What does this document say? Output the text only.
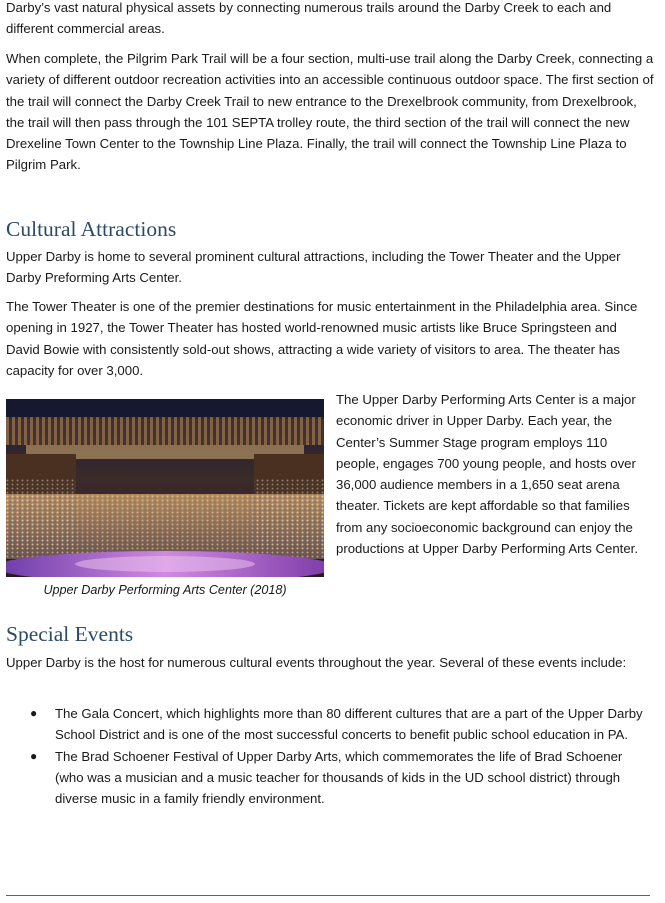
Darby’s vast natural physical assets by connecting numerous trails around the Darby Creek to each and different commercial areas.

When complete, the Pilgrim Park Trail will be a four section, multi-use trail along the Darby Creek, connecting a variety of different outdoor recreation activities into an accessible continuous outdoor space. The first section of the trail will connect the Darby Creek Trail to new entrance to the Drexelbrook community, from Drexelbrook, the trail will then pass through the 101 SEPTA trolley route, the third section of the trail will connect the new Drexeline Town Center to the Township Line Plaza. Finally, the trail will connect the Township Line Plaza to Pilgrim Park.

Cultural Attractions

Upper Darby is home to several prominent cultural attractions, including the Tower Theater and the Upper Darby Preforming Arts Center.

The Tower Theater is one of the premier destinations for music entertainment in the Philadelphia area. Since opening in 1927, the Tower Theater has hosted world-renowned music artists like Bruce Springsteen and David Bowie with consistently sold-out shows, attracting a wide variety of visitors to area. The theater has capacity for over 3,000.

Upper Darby Performing Arts Center (2018)

The Upper Darby Performing Arts Center is a major economic driver in Upper Darby. Each year, the Center’s Summer Stage program employs 110 people, engages 700 young people, and hosts over 36,000 audience members in a 1,650 seat arena theater. Tickets are kept affordable so that families from any socioeconomic background can enjoy the productions at Upper Darby Performing Arts Center.

Special Events

Upper Darby is the host for numerous cultural events throughout the year. Several of these events include:

● The Gala Concert, which highlights more than 80 different cultures that are a part of the Upper Darby School District and is one of the most successful concerts to benefit public school education in PA.
● The Brad Schoener Festival of Upper Darby Arts, which commemorates the life of Brad Schoener (who was a musician and a music teacher for thousands of kids in the UD school district) through diverse music in a family friendly environment.
